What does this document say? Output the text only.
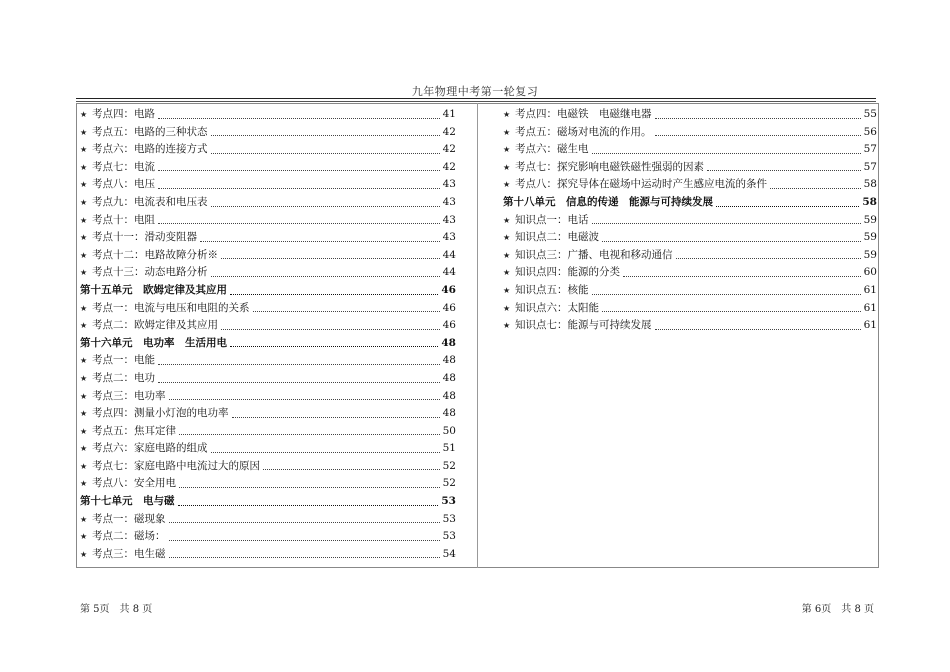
九年物理中考第一轮复习
★ 考点四：电路	41
★ 考点五：电路的三种状态	42
★ 考点六：电路的连接方式	42
★ 考点七：电流	42
★ 考点八：电压	43
★ 考点九：电流表和电压表	43
★ 考点十：电阻	43
★ 考点十一：滑动变阻器	43
★ 考点十二：电路故障分析※	44
★ 考点十三：动态电路分析	44
第十五单元　欧姆定律及其应用	46
★ 考点一：电流与电压和电阻的关系	46
★ 考点二：欧姆定律及其应用	46
第十六单元　电功率　生活用电	48
★ 考点一：电能	48
★ 考点二：电功	48
★ 考点三：电功率	48
★ 考点四：测量小灯泡的电功率	48
★ 考点五：焦耳定律	50
★ 考点六：家庭电路的组成	51
★ 考点七：家庭电路中电流过大的原因	52
★ 考点八：安全用电	52
第十七单元　电与磁	53
★ 考点一：磁现象	53
★ 考点二：磁场：	53
★ 考点三：电生磁	54
★ 考点四：电磁铁　电磁继电器	55
★ 考点五：磁场对电流的作用。	56
★ 考点六：磁生电	57
★ 考点七：探究影响电磁铁磁性强弱的因素	57
★ 考点八：探究导体在磁场中运动时产生感应电流的条件	58
第十八单元　信息的传递　能源与可持续发展	58
★ 知识点一：电话	59
★ 知识点二：电磁波	59
★ 知识点三：广播、电视和移动通信	59
★ 知识点四：能源的分类	60
★ 知识点五：核能	61
★ 知识点六：太阳能	61
★ 知识点七：能源与可持续发展	61
第 5页　共 8 页	第 6页　共 8 页
